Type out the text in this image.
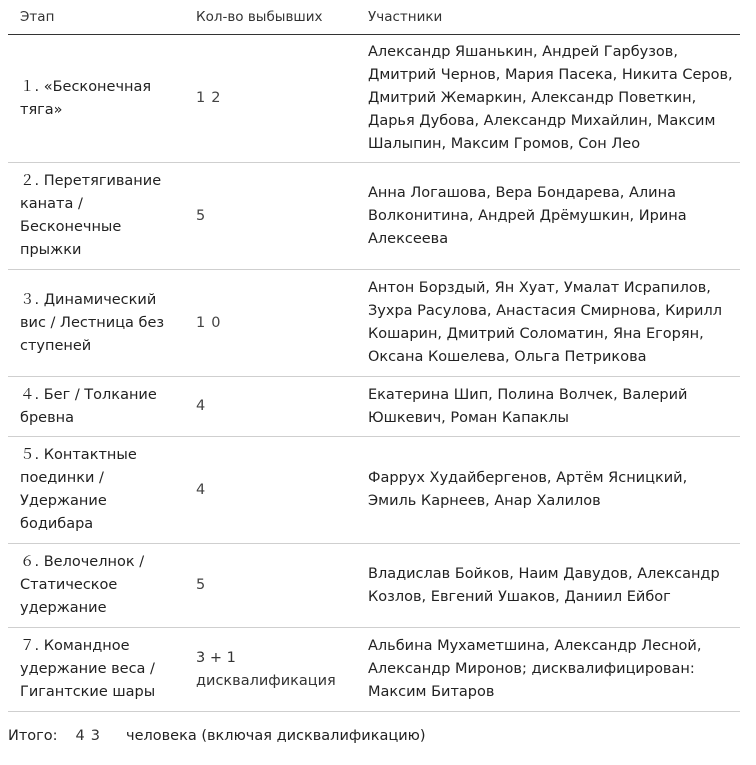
Этап	Кол-во выбывших	Участники
１. «Бесконечная тяга»	12	Александр Яшанькин, Андрей Гарбузов, Дмитрий Чернов, Мария Пасека, Никита Серов, Дмитрий Жемаркин, Александр Поветкин, Дарья Дубова, Александр Михайлин, Максим Шалыпин, Максим Громов, Сон Лео
２. Перетягивание каната / Бесконечные прыжки	5	Анна Логашова, Вера Бондарева, Алина Волконитина, Андрей Дрёмушкин, Ирина Алексеева
３. Динамический вис / Лестница без ступеней	10	Антон Борздый, Ян Хуат, Умалат Исрапилов, Зухра Расулова, Анастасия Смирнова, Кирилл Кошарин, Дмитрий Соломатин, Яна Егорян, Оксана Кошелева, Ольга Петрикова
４. Бег / Толкание бревна	4	Екатерина Шип, Полина Волчек, Валерий Юшкевич, Роман Капаклы
５. Контактные поединки / Удержание бодибара	4	Фаррух Худайбергенов, Артём Ясницкий, Эмиль Карнеев, Анар Халилов
６. Велочелнок / Статическое удержание	5	Владислав Бойков, Наим Давудов, Александр Козлов, Евгений Ушаков, Даниил Ейбог
７. Командное удержание веса / Гигантские шары	3 + 1 дисквалификация	Альбина Мухаметшина, Александр Лесной, Александр Миронов; дисквалифицирован: Максим Битаров
Итого: 43 человека (включая дисквалификацию)
